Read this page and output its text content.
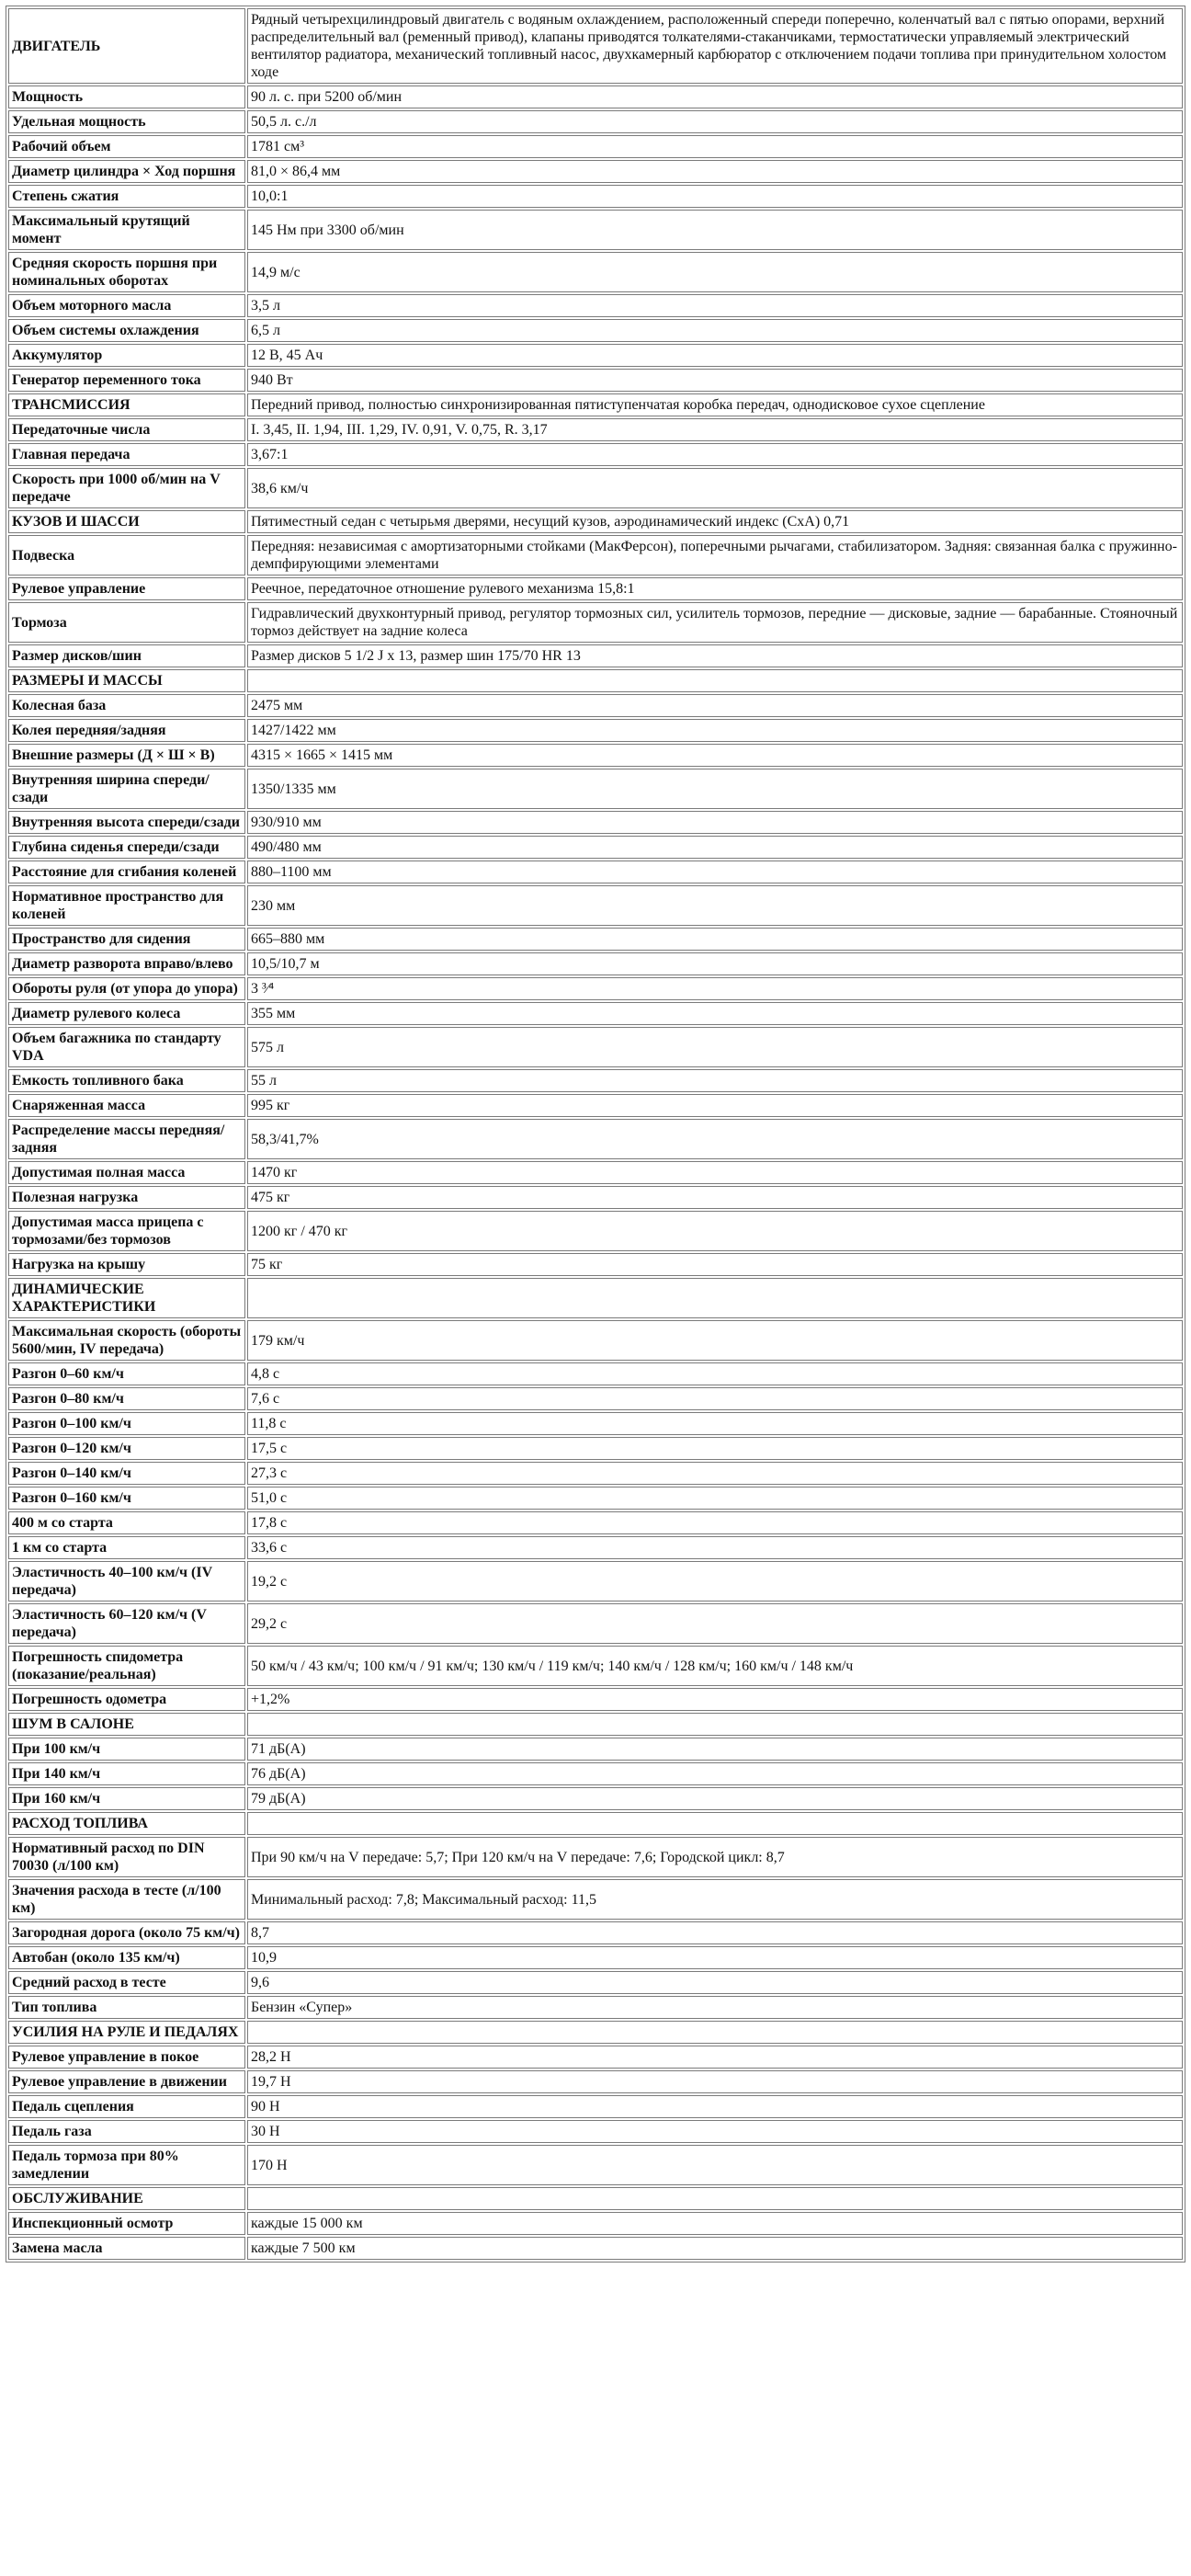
ДВИГАТЕЛЬ	Рядный четырехцилиндровый двигатель с водяным охлаждением, расположенный спереди поперечно, коленчатый вал с пятью опорами, верхний распределительный вал (ременный привод), клапаны приводятся толкателями-стаканчиками, термостатически управляемый электрический вентилятор радиатора, механический топливный насос, двухкамерный карбюратор с отключением подачи топлива при принудительном холостом ходе
Мощность	90 л. с. при 5200 об/мин
Удельная мощность	50,5 л. с./л
Рабочий объем	1781 см³
Диаметр цилиндра × Ход поршня	81,0 × 86,4 мм
Степень сжатия	10,0:1
Максимальный крутящий момент	145 Нм при 3300 об/мин
Средняя скорость поршня при номинальных оборотах	14,9 м/с
Объем моторного масла	3,5 л
Объем системы охлаждения	6,5 л
Аккумулятор	12 В, 45 Ач
Генератор переменного тока	940 Вт
ТРАНСМИССИЯ	Передний привод, полностью синхронизированная пятиступенчатая коробка передач, однодисковое сухое сцепление
Передаточные числа	I. 3,45, II. 1,94, III. 1,29, IV. 0,91, V. 0,75, R. 3,17
Главная передача	3,67:1
Скорость при 1000 об/мин на V передаче	38,6 км/ч
КУЗОВ И ШАССИ	Пятиместный седан с четырьмя дверями, несущий кузов, аэродинамический индекс (CxA) 0,71
Подвеска	Передняя: независимая с амортизаторными стойками (МакФерсон), поперечными рычагами, стабилизатором. Задняя: связанная балка с пружинно-демпфирующими элементами
Рулевое управление	Реечное, передаточное отношение рулевого механизма 15,8:1
Тормоза	Гидравлический двухконтурный привод, регулятор тормозных сил, усилитель тормозов, передние — дисковые, задние — барабанные. Стояночный тормоз действует на задние колеса
Размер дисков/шин	Размер дисков 5 1/2 J x 13, размер шин 175/70 HR 13
РАЗМЕРЫ И МАССЫ	
Колесная база	2475 мм
Колея передняя/задняя	1427/1422 мм
Внешние размеры (Д × Ш × В)	4315 × 1665 × 1415 мм
Внутренняя ширина спереди/сзади	1350/1335 мм
Внутренняя высота спереди/сзади	930/910 мм
Глубина сиденья спереди/сзади	490/480 мм
Расстояние для сгибания коленей	880–1100 мм
Нормативное пространство для коленей	230 мм
Пространство для сидения	665–880 мм
Диаметр разворота вправо/влево	10,5/10,7 м
Обороты руля (от упора до упора)	3 ³⁄⁴
Диаметр рулевого колеса	355 мм
Объем багажника по стандарту VDA	575 л
Емкость топливного бака	55 л
Снаряженная масса	995 кг
Распределение массы передняя/задняя	58,3/41,7%
Допустимая полная масса	1470 кг
Полезная нагрузка	475 кг
Допустимая масса прицепа с тормозами/без тормозов	1200 кг / 470 кг
Нагрузка на крышу	75 кг
ДИНАМИЧЕСКИЕ ХАРАКТЕРИСТИКИ	
Максимальная скорость (обороты 5600/мин, IV передача)	179 км/ч
Разгон 0–60 км/ч	4,8 с
Разгон 0–80 км/ч	7,6 с
Разгон 0–100 км/ч	11,8 с
Разгон 0–120 км/ч	17,5 с
Разгон 0–140 км/ч	27,3 с
Разгон 0–160 км/ч	51,0 с
400 м со старта	17,8 с
1 км со старта	33,6 с
Эластичность 40–100 км/ч (IV передача)	19,2 с
Эластичность 60–120 км/ч (V передача)	29,2 с
Погрешность спидометра (показание/реальная)	50 км/ч / 43 км/ч; 100 км/ч / 91 км/ч; 130 км/ч / 119 км/ч; 140 км/ч / 128 км/ч; 160 км/ч / 148 км/ч
Погрешность одометра	+1,2%
ШУМ В САЛОНЕ	
При 100 км/ч	71 дБ(А)
При 140 км/ч	76 дБ(А)
При 160 км/ч	79 дБ(А)
РАСХОД ТОПЛИВА	
Нормативный расход по DIN 70030 (л/100 км)	При 90 км/ч на V передаче: 5,7; При 120 км/ч на V передаче: 7,6; Городской цикл: 8,7
Значения расхода в тесте (л/100 км)	Минимальный расход: 7,8; Максимальный расход: 11,5
Загородная дорога (около 75 км/ч)	8,7
Автобан (около 135 км/ч)	10,9
Средний расход в тесте	9,6
Тип топлива	Бензин «Супер»
УСИЛИЯ НА РУЛЕ И ПЕДАЛЯХ	
Рулевое управление в покое	28,2 Н
Рулевое управление в движении	19,7 Н
Педаль сцепления	90 Н
Педаль газа	30 Н
Педаль тормоза при 80% замедлении	170 Н
ОБСЛУЖИВАНИЕ	
Инспекционный осмотр	каждые 15 000 км
Замена масла	каждые 7 500 км
